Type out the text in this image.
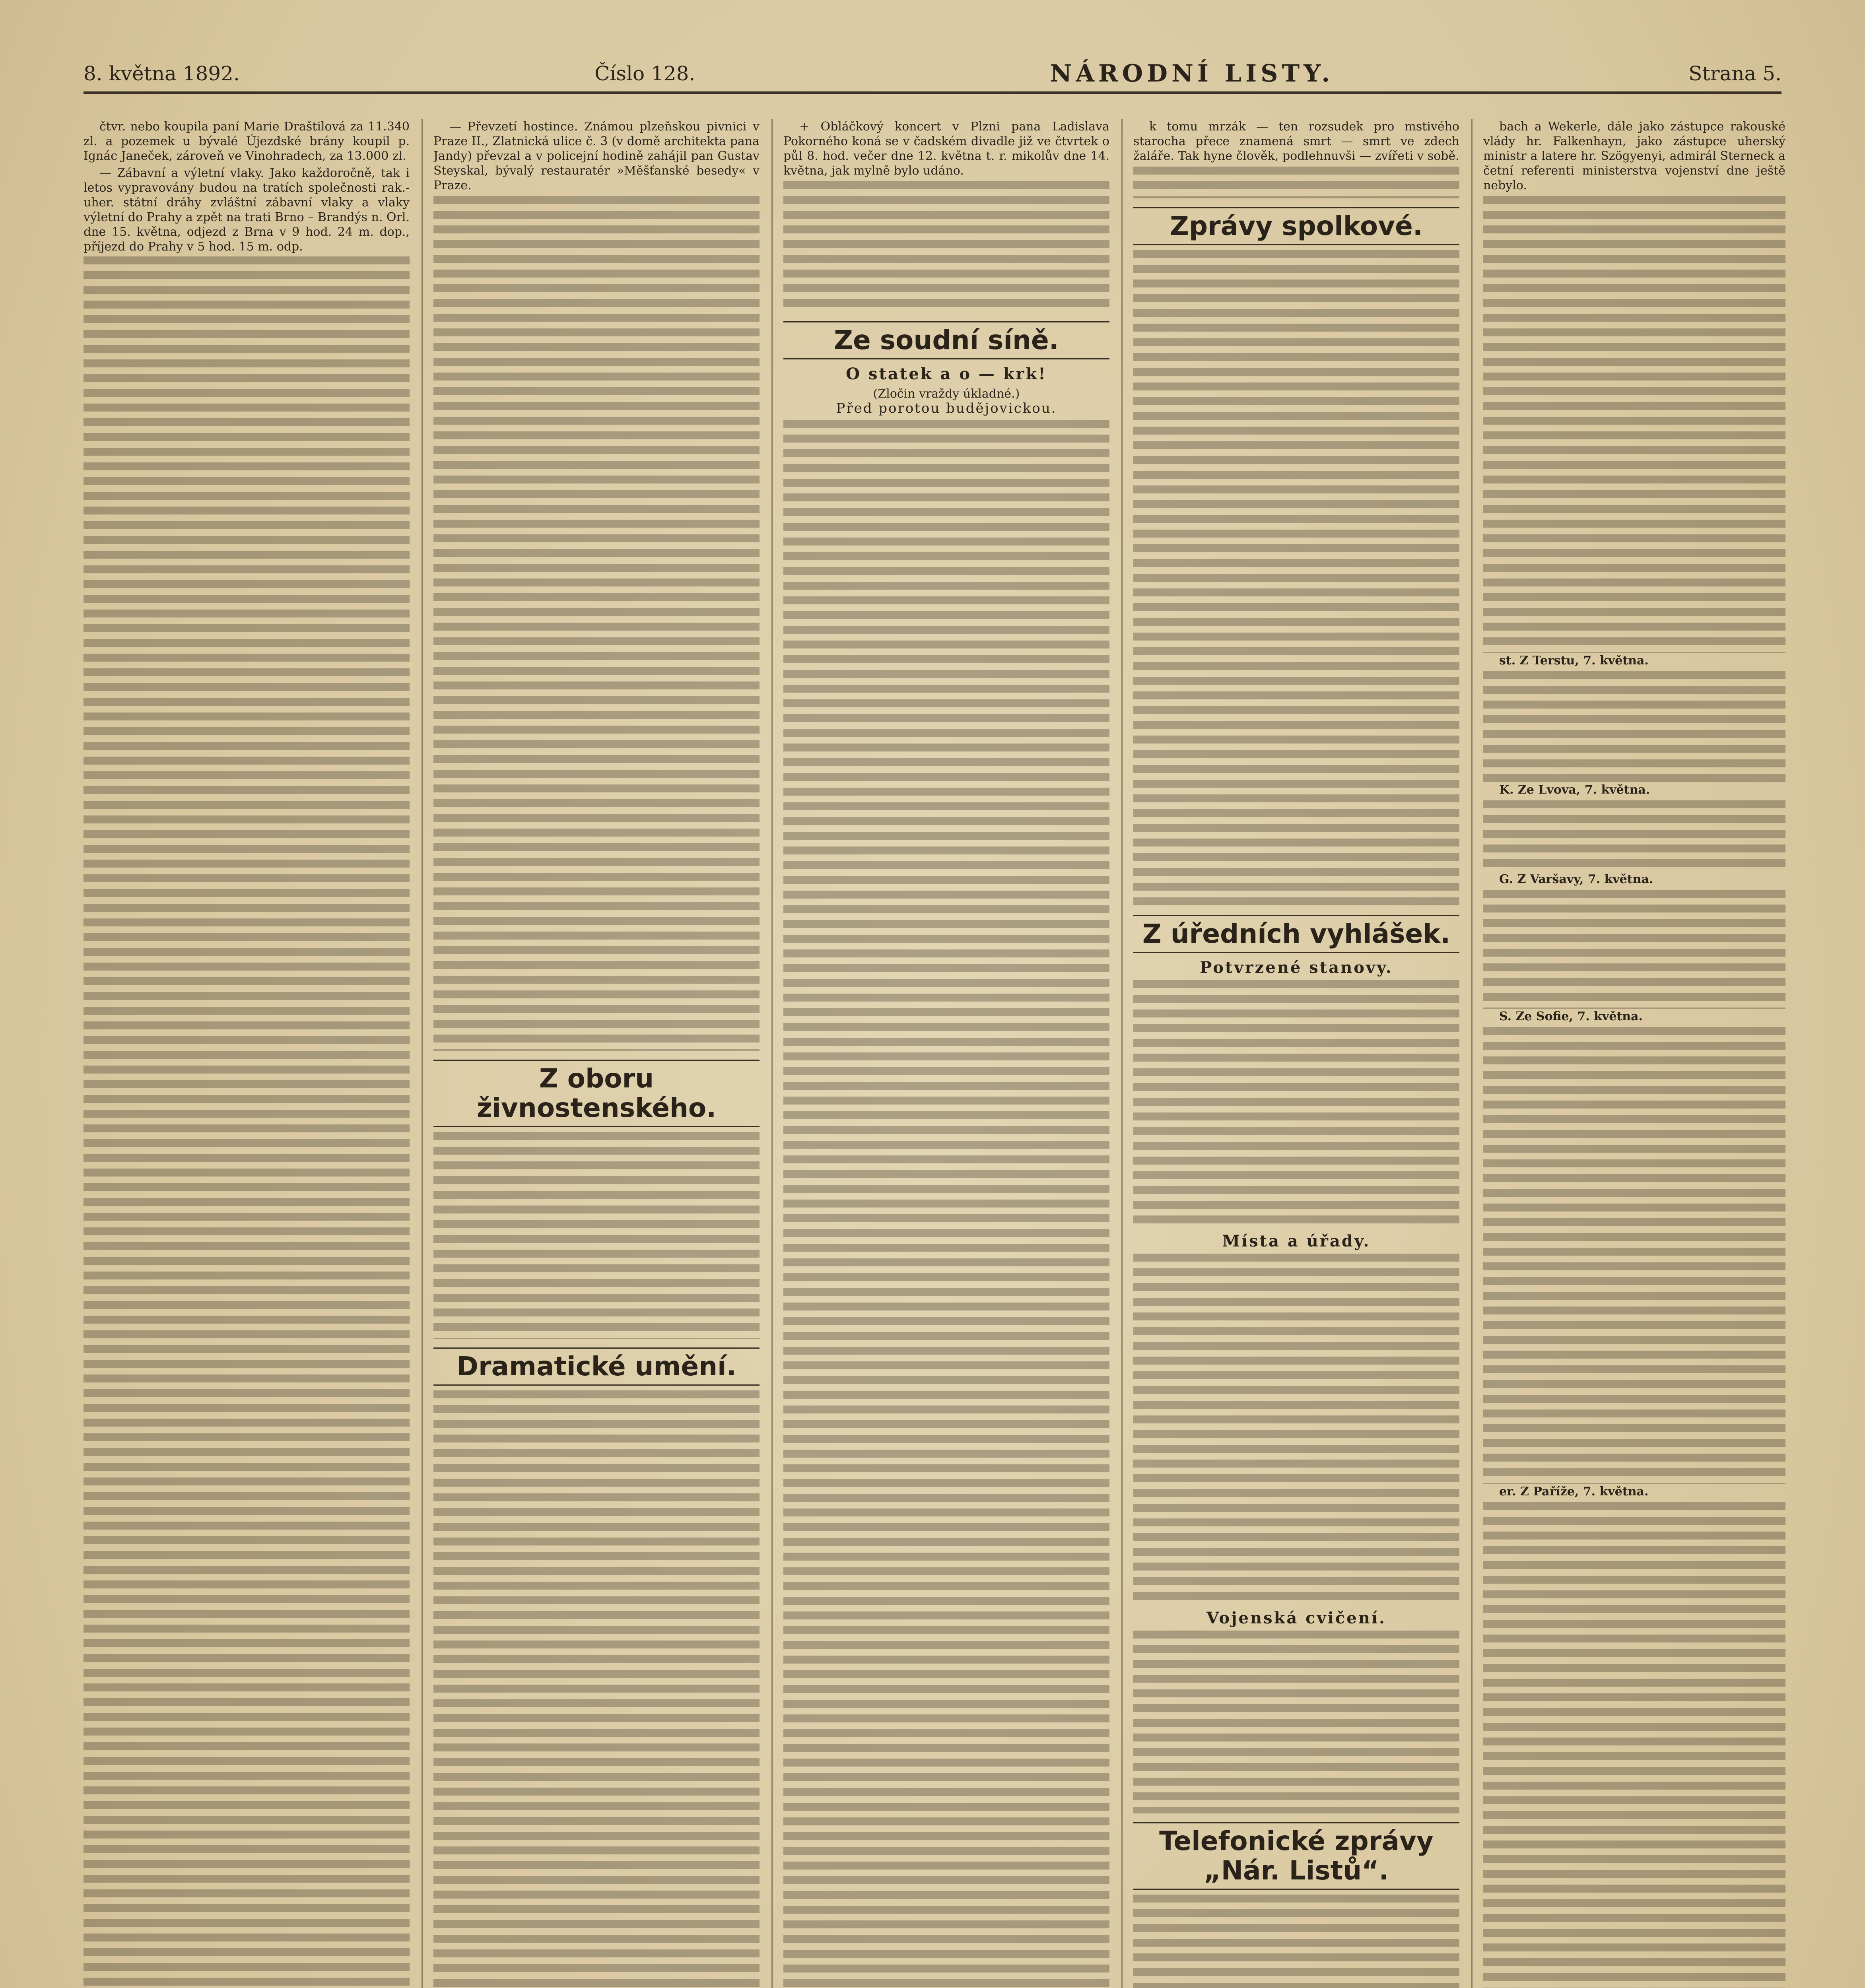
8. května 1892.	Číslo 128.	NÁRODNÍ LISTY.	Strana 5.

čtvr. nebo koupila paní Marie Draštilová za 11.340 zl. a pozemek u bývalé Újezdské brány koupil p. Ignác Janeček, zároveň ve Vinohradech, za 13.000 zl.

— Zábavní a výletní vlaky. Jako každoročně, tak i letos vypravovány budou na tratích společnosti rak.-uher. státní dráhy zvláštní zábavní vlaky a vlaky výletní do Prahy a zpět na trati Brno – Brandýs n. Orl. dne 15. května, odjezd z Brna v 9 hod. 24 m. dop., příjezd do Prahy v 5 hod. 15 m. odp.

— Převzetí hostince. Známou plzeňskou pivnici v Praze II., Zlatnická ulice č. 3 (v domě architekta pana Jandy) převzal a v policejní hodině zahájil pan Gustav Steyskal, bývalý restauratér »Měšťanské besedy« v Praze.

Z oboru živnostenského.
Dramatické umění.

+ Obláčkový koncert v Plzni pana Ladislava Pokorného koná se v čadském divadle již ve čtvrtek o půl 8. hod. večer dne 12. května t. r. mikolův dne 14. května, jak mylně bylo udáno.

Ze soudní síně.
O statek a o — krk!
(Zločin vraždy úkladné.)
Před porotou budějovickou.

k tomu mrzák — ten rozsudek pro mstivého starocha přece znamená smrt — smrt ve zdech žaláře. Tak hyne člověk, podlehnuvši — zvířeti v sobě.

Zprávy spolkové.
Z úředních vyhlášek.
Potvrzené stanovy.
Místa a úřady.
Vojenská cvičení.
Telefonické zprávy „Nár. Listů“.

bach a Wekerle, dále jako zástupce rakouské vlády hr. Falkenhayn, jako zástupce uherský ministr a latere hr. Szögyenyi, admirál Sterneck a četní referenti ministerstva vojenství dne ještě nebylo.

st. Z Terstu, 7. května.

K. Ze Lvova, 7. května.

G. Z Varšavy, 7. května.

S. Ze Sofie, 7. května.

er. Z Paříže, 7. května.
